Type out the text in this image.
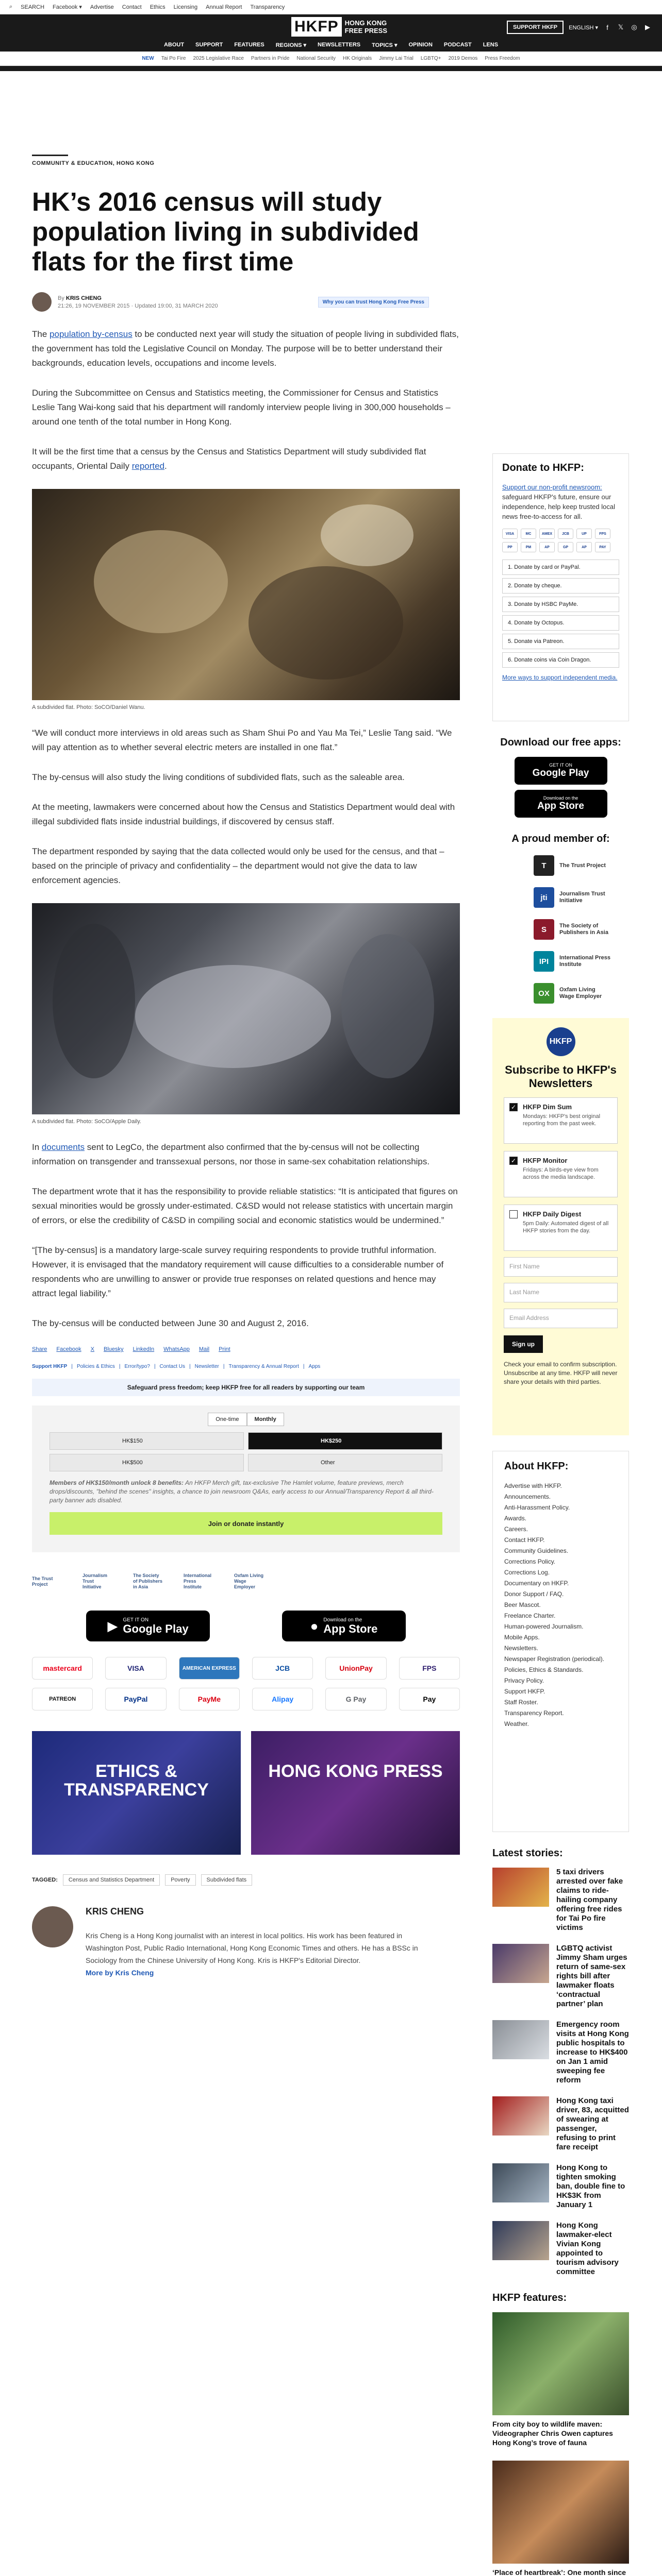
⌕ SEARCH Facebook ▾ Advertise Contact Ethics Licensing Annual Report Transparency
HKFP HONG KONG
FREE PRESS	SUPPORT HKFP	ENGLISH ▾	f	𝕏 ◎ ▶
ABOUT SUPPORT FEATURES REGIONS ▾ NEWSLETTERS TOPICS ▾ OPINION PODCAST LENS
NEW Tai Po Fire 2025 Legislative Race Partners in Pride National Security HK Originals Jimmy Lai Trial LGBTQ+ 2019 Demos Press Freedom
COMMUNITY & EDUCATION, HONG KONG
HK’s 2016 census will study population living in subdivided flats for the first time
By KRIS CHENG
21:26, 19 NOVEMBER 2015 · Updated 19:00, 31 MARCH 2020
Why you can trust Hong Kong Free Press

The population by-census to be conducted next year will study the situation of people living in subdivided flats, the government has told the Legislative Council on Monday. The purpose will be to better understand their backgrounds, education levels, occupations and income levels.

During the Subcommittee on Census and Statistics meeting, the Commissioner for Census and Statistics Leslie Tang Wai-kong said that his department will randomly interview people living in 300,000 households – around one tenth of the total number in Hong Kong.

It will be the first time that a census by the Census and Statistics Department will study subdivided flat occupants, Oriental Daily reported.

A subdivided flat. Photo: SoCO/Daniel Wanu.

“We will conduct more interviews in old areas such as Sham Shui Po and Yau Ma Tei,” Leslie Tang said. “We will pay attention as to whether several electric meters are installed in one flat.”

The by-census will also study the living conditions of subdivided flats, such as the saleable area.

At the meeting, lawmakers were concerned about how the Census and Statistics Department would deal with illegal subdivided flats inside industrial buildings, if discovered by census staff.

The department responded by saying that the data collected would only be used for the census, and that – based on the principle of privacy and confidentiality – the department would not give the data to law enforcement agencies.

A subdivided flat. Photo: SoCO/Apple Daily.

In documents sent to LegCo, the department also confirmed that the by-census will not be collecting information on transgender and transsexual persons, nor those in same-sex cohabitation relationships.

The department wrote that it has the responsibility to provide reliable statistics: “It is anticipated that figures on sexual minorities would be grossly under-estimated. C&SD would not release statistics with uncertain margin of errors, or else the credibility of C&SD in compiling social and economic statistics would be undermined.”

“[The by-census] is a mandatory large-scale survey requiring respondents to provide truthful information. However, it is envisaged that the mandatory requirement will cause difficulties to a considerable number of respondents who are unwilling to answer or provide true responses on related questions and hence may attract legal liability.”

The by-census will be conducted between June 30 and August 2, 2016.

Share Facebook X Bluesky LinkedIn WhatsApp Mail Print
Support HKFP | Policies & Ethics | Error/typo? | Contact Us | Newsletter | Transparency & Annual Report | Apps
Safeguard press freedom; keep HKFP free for all readers by supporting our team
One-time	Monthly
HK$150	HK$250
HK$500	Other
Members of HK$150/month unlock 8 benefits: An HKFP Merch gift, tax-exclusive The Hamlet volume, feature previews, merch drops/discounts, "behind the scenes" insights, a chance to join newsroom Q&As, early access to our Annual/Transparency Report & all third-party banner ads disabled.
Join or donate instantly
The Trust Project
Journalism Trust Initiative
The Society of Publishers in Asia
International Press Institute
Oxfam Living Wage Employer
▶ GET IT ON
Google Play	● Download on the
App Store
mastercard	VISA	AMERICAN EXPRESS	JCB	UnionPay	FPS
PATREON	PayPal	PayMe	Alipay	G Pay	Pay
ETHICS & TRANSPARENCY
HONG KONG PRESS
TAGGED:	Census and Statistics Department	Poverty	Subdivided flats
KRIS CHENG
Kris Cheng is a Hong Kong journalist with an interest in local politics. His work has been featured in Washington Post, Public Radio International, Hong Kong Economic Times and others. He has a BSSc in Sociology from the Chinese University of Hong Kong. Kris is HKFP's Editorial Director.
More by Kris Cheng
Donate to HKFP:
Support our non-profit newsroom: safeguard HKFP's future, ensure our independence, help keep trusted local news free-to-access for all.
VISA	MC	AMEX	JCB	UP	FPS
PP	PM	AP	GP	AP	PAY
1. Donate by card or PayPal.
2. Donate by cheque.
3. Donate by HSBC PayMe.
4. Donate by Octopus.
5. Donate via Patreon.
6. Donate coins via Coin Dragon.
More ways to support independent media.
Download our free apps:
GET IT ON
Google Play
Download on the
App Store
A proud member of:
T	The Trust Project
jti	Journalism Trust Initiative
S	The Society of Publishers in Asia
IPI	International Press Institute
OX	Oxfam Living Wage Employer
HKFP
Subscribe to HKFP's Newsletters
✓ HKFP Dim Sum
Mondays: HKFP's best original reporting from the past week.
✓ HKFP Monitor
Fridays: A birds-eye view from across the media landscape.
HKFP Daily Digest
5pm Daily: Automated digest of all HKFP stories from the day.
First Name
Last Name
Email Address
Sign up
Check your email to confirm subscription. Unsubscribe at any time. HKFP will never share your details with third parties.
About HKFP:
Advertise with HKFP.
Announcements.
Anti-Harassment Policy.
Awards.
Careers.
Contact HKFP.
Community Guidelines.
Corrections Policy.
Corrections Log.
Documentary on HKFP.
Donor Support / FAQ.
Beer Mascot.
Freelance Charter.
Human-powered Journalism.
Mobile Apps.
Newsletters.
Newspaper Registration (periodical).
Policies, Ethics & Standards.
Privacy Policy.
Support HKFP.
Staff Roster.
Transparency Report.
Weather.
Latest stories:
5 taxi drivers arrested over fake claims to ride-hailing company offering free rides for Tai Po fire victims
LGBTQ activist Jimmy Sham urges return of same-sex rights bill after lawmaker floats ‘contractual partner’ plan
Emergency room visits at Hong Kong public hospitals to increase to HK$400 on Jan 1 amid sweeping fee reform
Hong Kong taxi driver, 83, acquitted of swearing at passenger, refusing to print fare receipt
Hong Kong to tighten smoking ban, double fine to HK$3K from January 1
Hong Kong lawmaker-elect Vivian Kong appointed to tourism advisory committee
HKFP features:
From city boy to wildlife maven: Videographer Chris Owen captures Hong Kong’s trove of fauna
‘Place of heartbreak’: One month since
